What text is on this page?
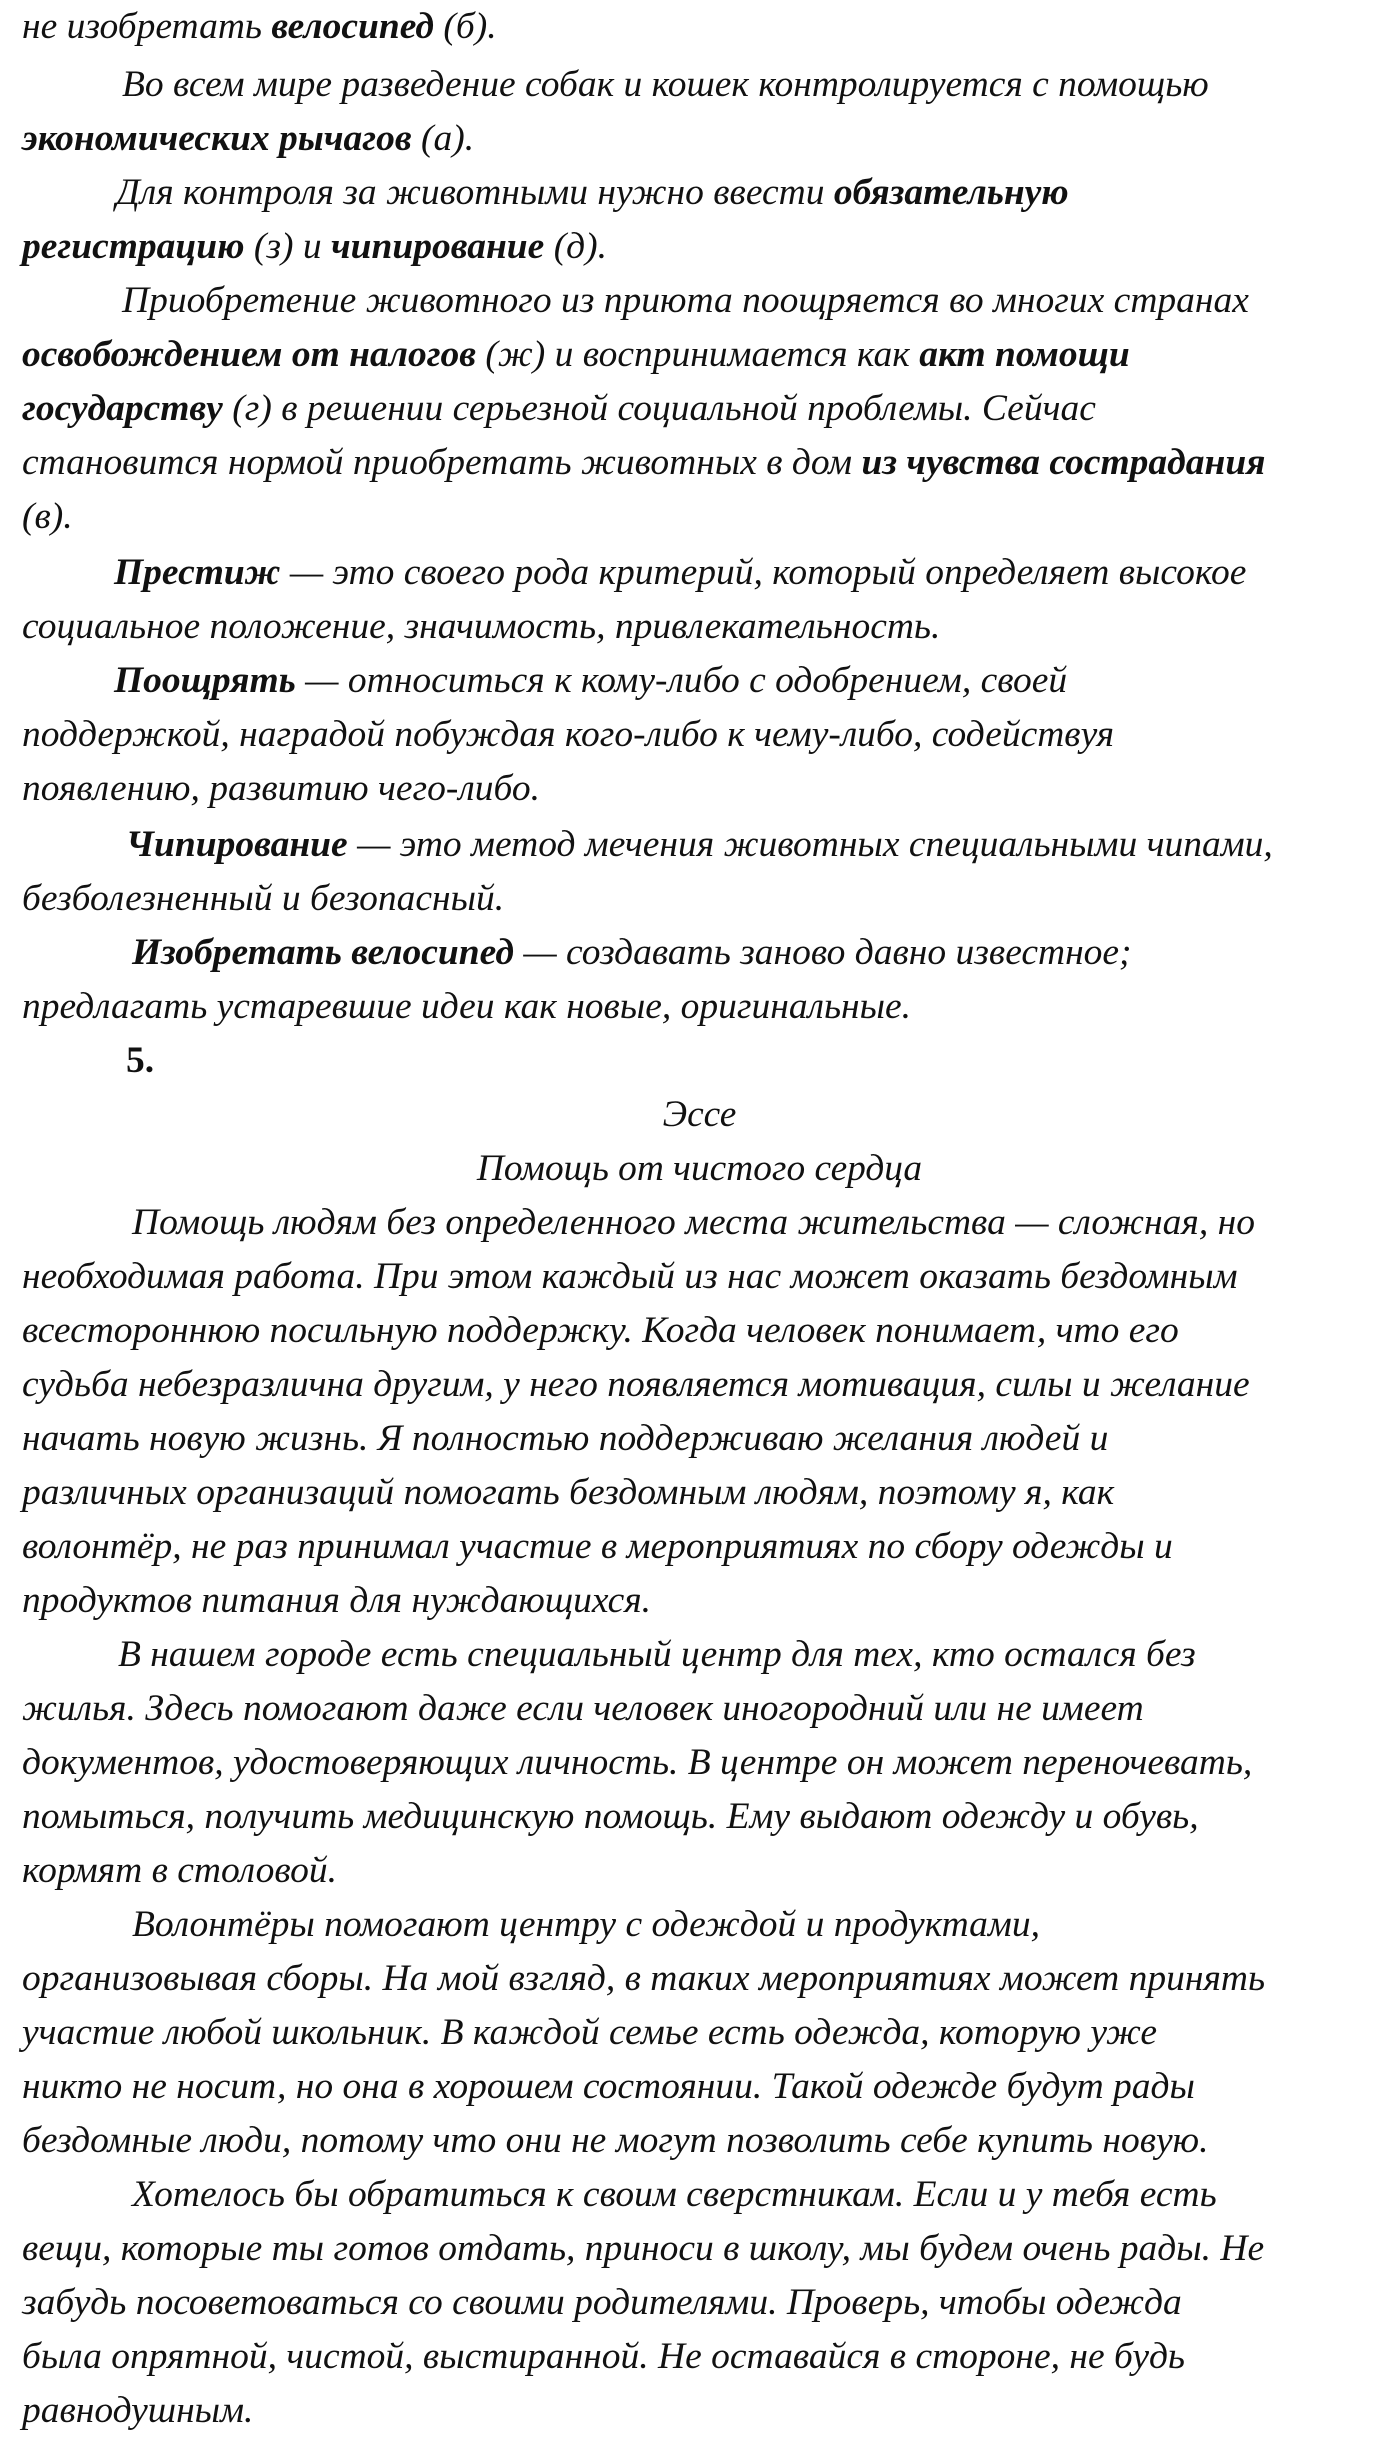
не изобретать велосипед (б).
Во всем мире разведение собак и кошек контролируется с помощью
экономических рычагов (а).
Для контроля за животными нужно ввести обязательную
регистрацию (з) и чипирование (д).
Приобретение животного из приюта поощряется во многих странах
освобождением от налогов (ж) и воспринимается как акт помощи
государству (г) в решении серьезной социальной проблемы. Сейчас
становится нормой приобретать животных в дом из чувства сострадания
(в).
Престиж — это своего рода критерий, который определяет высокое
социальное положение, значимость, привлекательность.
Поощрять — относиться к кому-либо с одобрением, своей
поддержкой, наградой побуждая кого-либо к чему-либо, содействуя
появлению, развитию чего-либо.
Чипирование — это метод мечения животных специальными чипами,
безболезненный и безопасный.
Изобретать велосипед — создавать заново давно известное;
предлагать устаревшие идеи как новые, оригинальные.
5.
Эссе
Помощь от чистого сердца
Помощь людям без определенного места жительства — сложная, но
необходимая работа. При этом каждый из нас может оказать бездомным
всестороннюю посильную поддержку. Когда человек понимает, что его
судьба небезразлична другим, у него появляется мотивация, силы и желание
начать новую жизнь. Я полностью поддерживаю желания людей и
различных организаций помогать бездомным людям, поэтому я, как
волонтёр, не раз принимал участие в мероприятиях по сбору одежды и
продуктов питания для нуждающихся.
В нашем городе есть специальный центр для тех, кто остался без
жилья. Здесь помогают даже если человек иногородний или не имеет
документов, удостоверяющих личность. В центре он может переночевать,
помыться, получить медицинскую помощь. Ему выдают одежду и обувь,
кормят в столовой.
Волонтёры помогают центру с одеждой и продуктами,
организовывая сборы. На мой взгляд, в таких мероприятиях может принять
участие любой школьник. В каждой семье есть одежда, которую уже
никто не носит, но она в хорошем состоянии. Такой одежде будут рады
бездомные люди, потому что они не могут позволить себе купить новую.
Хотелось бы обратиться к своим сверстникам. Если и у тебя есть
вещи, которые ты готов отдать, приноси в школу, мы будем очень рады. Не
забудь посоветоваться со своими родителями. Проверь, чтобы одежда
была опрятной, чистой, выстиранной. Не оставайся в стороне, не будь
равнодушным.
